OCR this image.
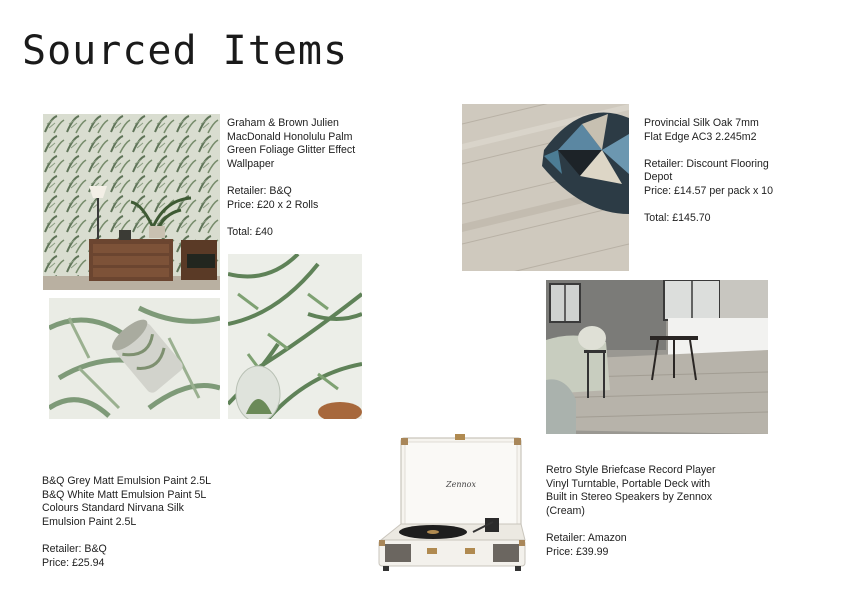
Sourced Items

Graham & Brown Julien

MacDonald Honolulu Palm

Green Foliage Glitter Effect

Wallpaper

Retailer: B&Q

Price: £20 x 2 Rolls

Total: £40

Provincial Silk Oak 7mm

Flat Edge AC3 2.245m2

Retailer: Discount Flooring

Depot

Price: £14.57 per pack x 10

Total: £145.70

B&Q Grey Matt Emulsion Paint 2.5L

B&Q White Matt Emulsion Paint 5L

Colours Standard Nirvana Silk

Emulsion Paint 2.5L

Retailer: B&Q

Price: £25.94

Zennox

Retro Style Briefcase Record Player

Vinyl Turntable, Portable Deck with

Built in Stereo Speakers by Zennox

(Cream)

Retailer: Amazon

Price: £39.99
